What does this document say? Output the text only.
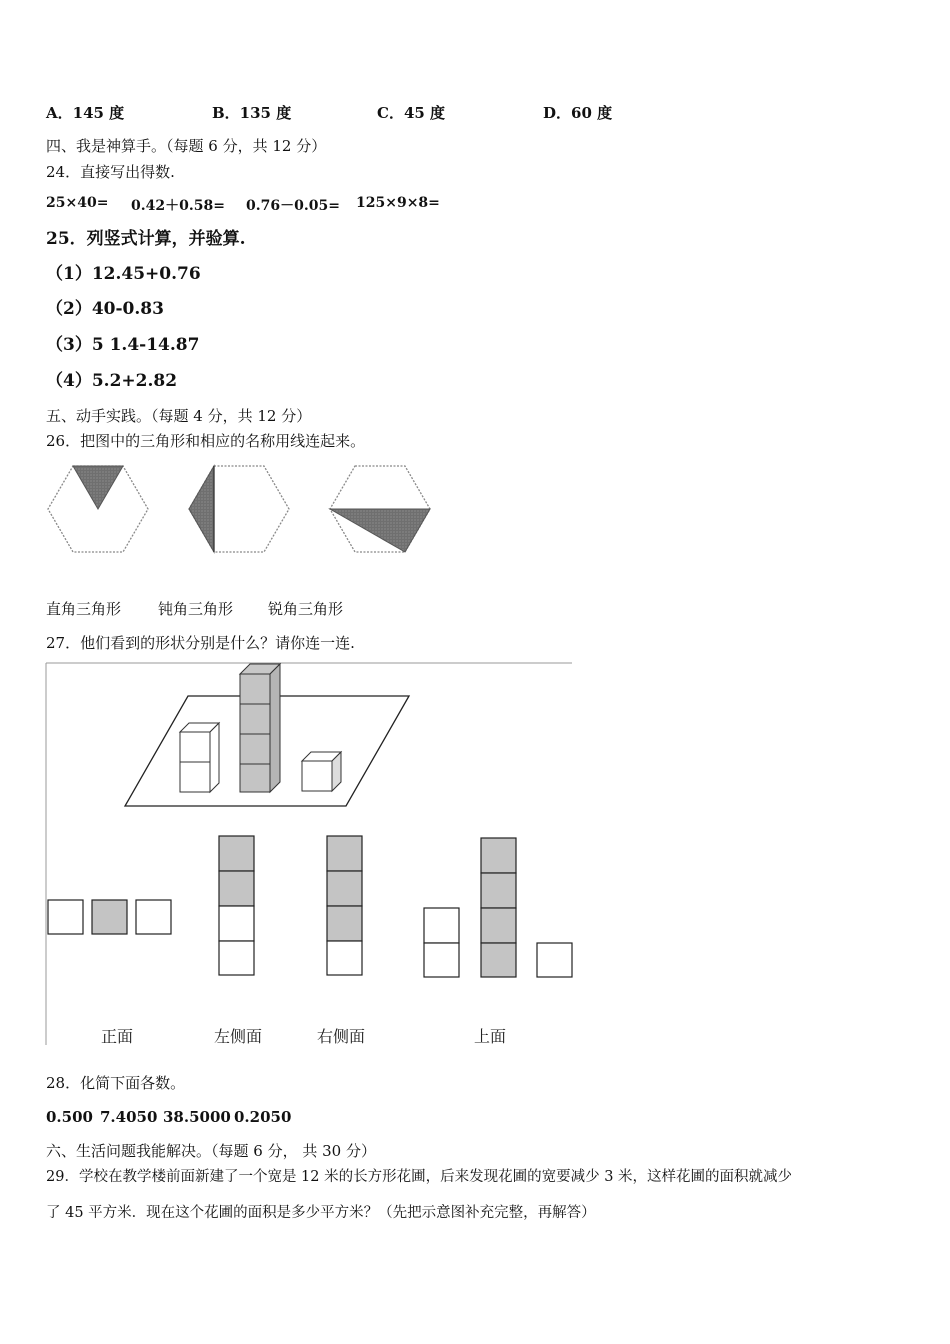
A．145 度	B．135 度	C．45 度	D．60 度
四、我是神算手。（每题 6 分，共 12 分）
24．直接写出得数.
25×40= 0.42＋0.58= 0.76－0.05= 125×9×8=
25．列竖式计算，并验算.
（1）12.45+0.76
（2）40-0.83
（3）5 1.4-14.87
（4）5.2+2.82
五、动手实践。（每题 4 分，共 12 分）
26．把图中的三角形和相应的名称用线连起来。
直角三角形 钝角三角形 锐角三角形
27．他们看到的形状分别是什么？请你连一连.
正面	左侧面	右侧面	上面
28．化简下面各数。
0.500 7.4050 38.5000 0.2050
六、生活问题我能解决。（每题 6 分， 共 30 分）
29．学校在教学楼前面新建了一个宽是 12 米的长方形花圃，后来发现花圃的宽要减少 3 米，这样花圃的面积就减少
了 45 平方米．现在这个花圃的面积是多少平方米？（先把示意图补充完整，再解答）
